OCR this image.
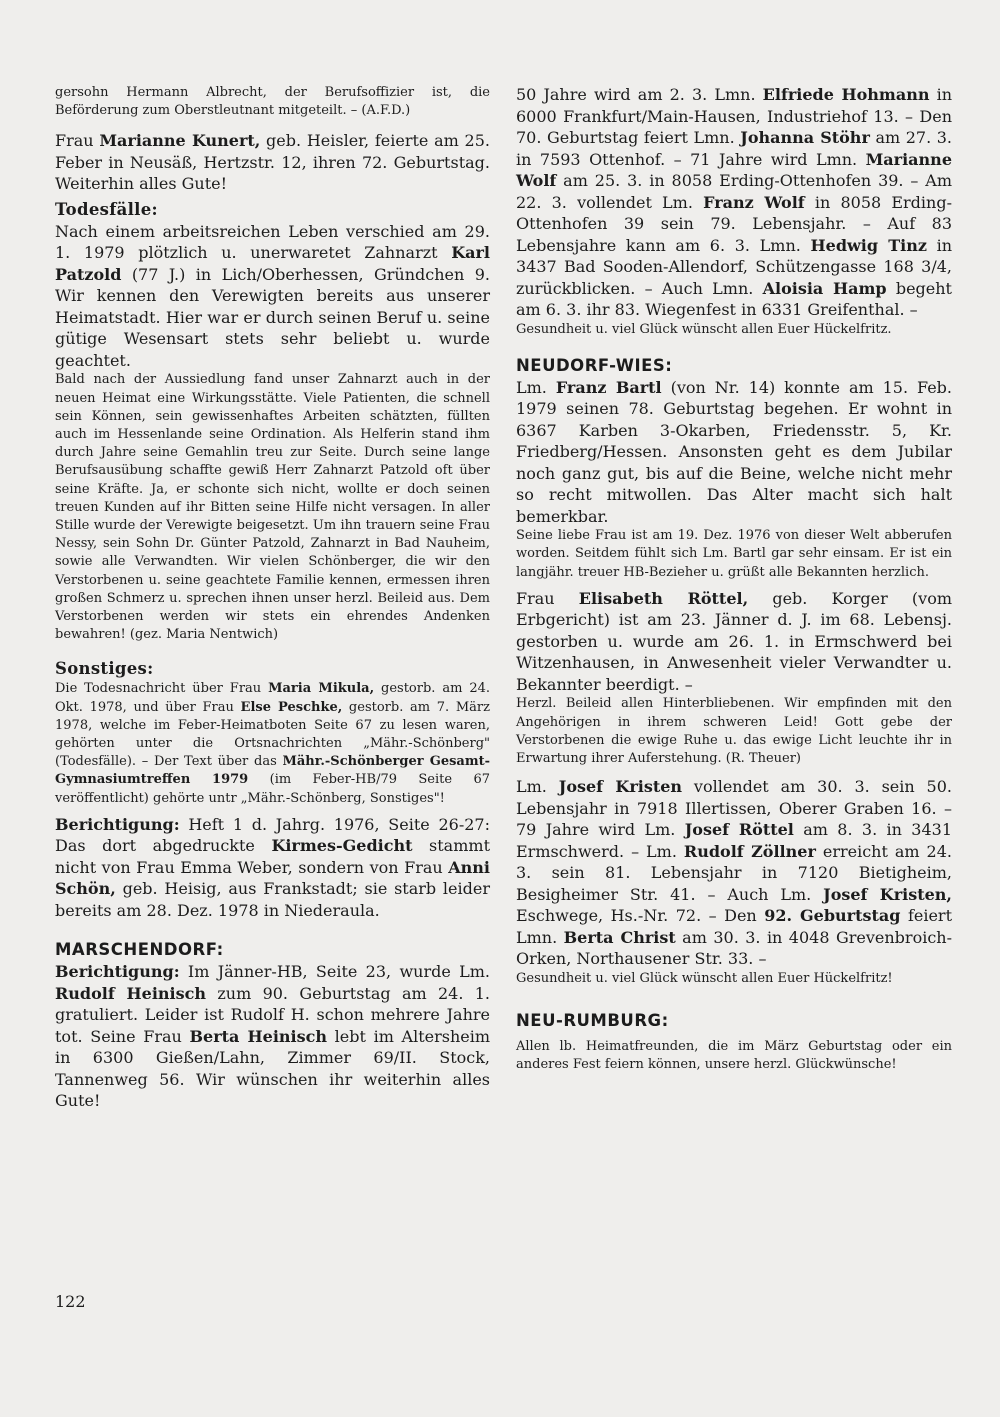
gersohn Hermann Albrecht, der Berufsoffizier ist, die Beförderung zum Oberstleutnant mitgeteilt. – (A.F.D.)

Frau Marianne Kunert, geb. Heisler, feierte am 25. Feber in Neusäß, Hertzstr. 12, ihren 72. Geburtstag. Weiterhin alles Gute!

Todesfälle:

Nach einem arbeitsreichen Leben verschied am 29. 1. 1979 plötzlich u. unerwaretet Zahnarzt Karl Patzold (77 J.) in Lich/Oberhessen, Gründchen 9. Wir kennen den Verewigten bereits aus unserer Heimatstadt. Hier war er durch seinen Beruf u. seine gütige Wesensart stets sehr beliebt u. wurde geachtet.

Bald nach der Aussiedlung fand unser Zahnarzt auch in der neuen Heimat eine Wirkungsstätte. Viele Patienten, die schnell sein Können, sein gewissenhaftes Arbeiten schätzten, füllten auch im Hessenlande seine Ordination. Als Helferin stand ihm durch Jahre seine Gemahlin treu zur Seite. Durch seine lange Berufsausübung schaffte gewiß Herr Zahnarzt Patzold oft über seine Kräfte. Ja, er schonte sich nicht, wollte er doch seinen treuen Kunden auf ihr Bitten seine Hilfe nicht versagen. In aller Stille wurde der Verewigte beigesetzt. Um ihn trauern seine Frau Nessy, sein Sohn Dr. Günter Patzold, Zahnarzt in Bad Nauheim, sowie alle Verwandten. Wir vielen Schönberger, die wir den Verstorbenen u. seine geachtete Familie kennen, ermessen ihren großen Schmerz u. sprechen ihnen unser herzl. Beileid aus. Dem Verstorbenen werden wir stets ein ehrendes Andenken bewahren! (gez. Maria Nentwich)

Sonstiges:

Die Todesnachricht über Frau Maria Mikula, gestorb. am 24. Okt. 1978, und über Frau Else Peschke, gestorb. am 7. März 1978, welche im Feber-Heimatboten Seite 67 zu lesen waren, gehörten unter die Ortsnachrichten „Mähr.-Schönberg" (Todesfälle). – Der Text über das Mähr.-Schönberger Gesamt-Gymnasiumtreffen 1979 (im Feber-HB/79 Seite 67 veröffentlicht) gehörte untr „Mähr.-Schönberg, Sonstiges"!

Berichtigung: Heft 1 d. Jahrg. 1976, Seite 26-27: Das dort abgedruckte Kirmes-Gedicht stammt nicht von Frau Emma Weber, sondern von Frau Anni Schön, geb. Heisig, aus Frankstadt; sie starb leider bereits am 28. Dez. 1978 in Niederaula.

MARSCHENDORF:

Berichtigung: Im Jänner-HB, Seite 23, wurde Lm. Rudolf Heinisch zum 90. Geburtstag am 24. 1. gratuliert. Leider ist Rudolf H. schon mehrere Jahre tot. Seine Frau Berta Heinisch lebt im Altersheim in 6300 Gießen/Lahn, Zimmer 69/II. Stock, Tannenweg 56. Wir wünschen ihr weiterhin alles Gute!

50 Jahre wird am 2. 3. Lmn. Elfriede Hohmann in 6000 Frankfurt/Main-Hausen, Industriehof 13. – Den 70. Geburtstag feiert Lmn. Johanna Stöhr am 27. 3. in 7593 Ottenhof. – 71 Jahre wird Lmn. Marianne Wolf am 25. 3. in 8058 Erding-Ottenhofen 39. – Am 22. 3. vollendet Lm. Franz Wolf in 8058 Erding-Ottenhofen 39 sein 79. Lebensjahr. – Auf 83 Lebensjahre kann am 6. 3. Lmn. Hedwig Tinz in 3437 Bad Sooden-Allendorf, Schützengasse 168 3/4, zurückblicken. – Auch Lmn. Aloisia Hamp begeht am 6. 3. ihr 83. Wiegenfest in 6331 Greifenthal. –

Gesundheit u. viel Glück wünscht allen Euer Hückelfritz.

NEUDORF-WIES:

Lm. Franz Bartl (von Nr. 14) konnte am 15. Feb. 1979 seinen 78. Geburtstag begehen. Er wohnt in 6367 Karben 3-Okarben, Friedensstr. 5, Kr. Friedberg/Hessen. Ansonsten geht es dem Jubilar noch ganz gut, bis auf die Beine, welche nicht mehr so recht mitwollen. Das Alter macht sich halt bemerkbar.

Seine liebe Frau ist am 19. Dez. 1976 von dieser Welt abberufen worden. Seitdem fühlt sich Lm. Bartl gar sehr einsam. Er ist ein langjähr. treuer HB-Bezieher u. grüßt alle Bekannten herzlich.

Frau Elisabeth Röttel, geb. Korger (vom Erbgericht) ist am 23. Jänner d. J. im 68. Lebensj. gestorben u. wurde am 26. 1. in Ermschwerd bei Witzenhausen, in Anwesenheit vieler Verwandter u. Bekannter beerdigt. –

Herzl. Beileid allen Hinterbliebenen. Wir empfinden mit den Angehörigen in ihrem schweren Leid! Gott gebe der Verstorbenen die ewige Ruhe u. das ewige Licht leuchte ihr in Erwartung ihrer Auferstehung. (R. Theuer)

Lm. Josef Kristen vollendet am 30. 3. sein 50. Lebensjahr in 7918 Illertissen, Oberer Graben 16. – 79 Jahre wird Lm. Josef Röttel am 8. 3. in 3431 Ermschwerd. – Lm. Rudolf Zöllner erreicht am 24. 3. sein 81. Lebensjahr in 7120 Bietigheim, Besigheimer Str. 41. – Auch Lm. Josef Kristen, Eschwege, Hs.-Nr. 72. – Den 92. Geburtstag feiert Lmn. Berta Christ am 30. 3. in 4048 Grevenbroich-Orken, Northausener Str. 33. –

Gesundheit u. viel Glück wünscht allen Euer Hückelfritz!

NEU-RUMBURG:

Allen lb. Heimatfreunden, die im März Geburtstag oder ein anderes Fest feiern können, unsere herzl. Glückwünsche!

122
